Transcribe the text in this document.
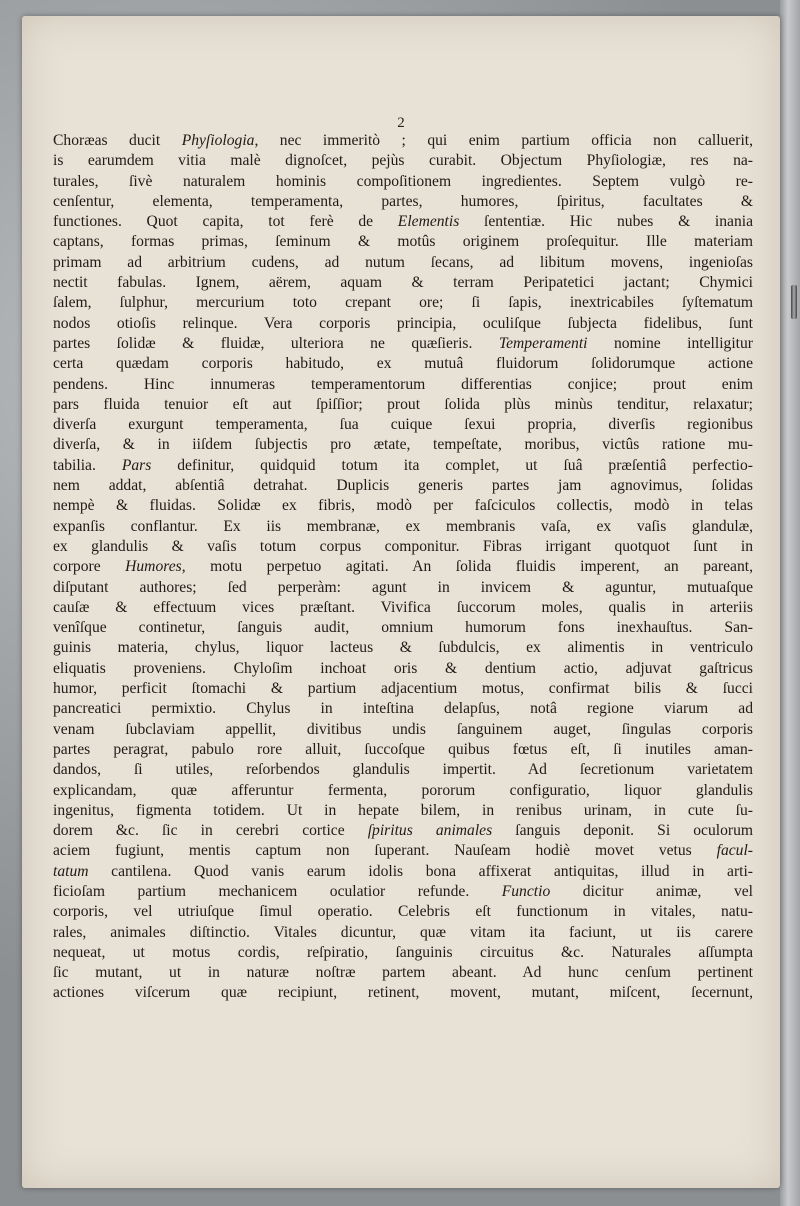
2
Choræas ducit Phyſiologia, nec immeritò ; qui enim partium officia non calluerit,
is earumdem vitia malè dignoſcet, pejùs curabit. Objectum Phyſiologiæ, res na-
turales, ſivè naturalem hominis compoſitionem ingredientes. Septem vulgò re-
cenſentur, elementa, temperamenta, partes, humores, ſpiritus, facultates &
functiones. Quot capita, tot ferè de Elementis ſententiæ. Hic nubes & inania
captans, formas primas, ſeminum & motûs originem proſequitur. Ille materiam
primam ad arbitrium cudens, ad nutum ſecans, ad libitum movens, ingenioſas
nectit fabulas. Ignem, aërem, aquam & terram Peripatetici jactant; Chymici
ſalem, ſulphur, mercurium toto crepant ore; ſi ſapis, inextricabiles ſyſtematum
nodos otioſis relinque. Vera corporis principia, oculiſque ſubjecta fidelibus, ſunt
partes ſolidæ & fluidæ, ulteriora ne quæſieris. Temperamenti nomine intelligitur
certa quædam corporis habitudo, ex mutuâ fluidorum ſolidorumque actione
pendens. Hinc innumeras temperamentorum differentias conjice; prout enim
pars fluida tenuior eſt aut ſpiſſior; prout ſolida plùs minùs tenditur, relaxatur;
diverſa exurgunt temperamenta, ſua cuique ſexui propria, diverſis regionibus
diverſa, & in iiſdem ſubjectis pro ætate, tempeſtate, moribus, victûs ratione mu-
tabilia. Pars definitur, quidquid totum ita complet, ut ſuâ præſentiâ perfectio-
nem addat, abſentiâ detrahat. Duplicis generis partes jam agnovimus, ſolidas
nempè & fluidas. Solidæ ex fibris, modò per faſciculos collectis, modò in telas
expanſis conflantur. Ex iis membranæ, ex membranis vaſa, ex vaſis glandulæ,
ex glandulis & vaſis totum corpus componitur. Fibras irrigant quotquot ſunt in
corpore Humores, motu perpetuo agitati. An ſolida fluidis imperent, an pareant,
diſputant authores; ſed perperàm: agunt in invicem & aguntur, mutuaſque
cauſæ & effectuum vices præſtant. Vivifica ſuccorum moles, qualis in arteriis
venîſque continetur, ſanguis audit, omnium humorum fons inexhauſtus. San-
guinis materia, chylus, liquor lacteus & ſubdulcis, ex alimentis in ventriculo
eliquatis proveniens. Chyloſim inchoat oris & dentium actio, adjuvat gaſtricus
humor, perficit ſtomachi & partium adjacentium motus, confirmat bilis & ſucci
pancreatici permixtio. Chylus in inteſtina delapſus, notâ regione viarum ad
venam ſubclaviam appellit, divitibus undis ſanguinem auget, ſingulas corporis
partes peragrat, pabulo rore alluit, ſuccoſque quibus fœtus eſt, ſi inutiles aman-
dandos, ſi utiles, reſorbendos glandulis impertit. Ad ſecretionum varietatem
explicandam, quæ afferuntur fermenta, pororum configuratio, liquor glandulis
ingenitus, figmenta totidem. Ut in hepate bilem, in renibus urinam, in cute ſu-
dorem &c. ſic in cerebri cortice ſpiritus animales ſanguis deponit. Si oculorum
aciem fugiunt, mentis captum non ſuperant. Nauſeam hodiè movet vetus facul-
tatum cantilena. Quod vanis earum idolis bona affixerat antiquitas, illud in arti-
ficioſam partium mechanicem oculatior refunde. Functio dicitur animæ, vel
corporis, vel utriuſque ſimul operatio. Celebris eſt functionum in vitales, natu-
rales, animales diſtinctio. Vitales dicuntur, quæ vitam ita faciunt, ut iis carere
nequeat, ut motus cordis, reſpiratio, ſanguinis circuitus &c. Naturales aſſumpta
ſic mutant, ut in naturæ noſtræ partem abeant. Ad hunc cenſum pertinent
actiones viſcerum quæ recipiunt, retinent, movent, mutant, miſcent, ſecernunt,
